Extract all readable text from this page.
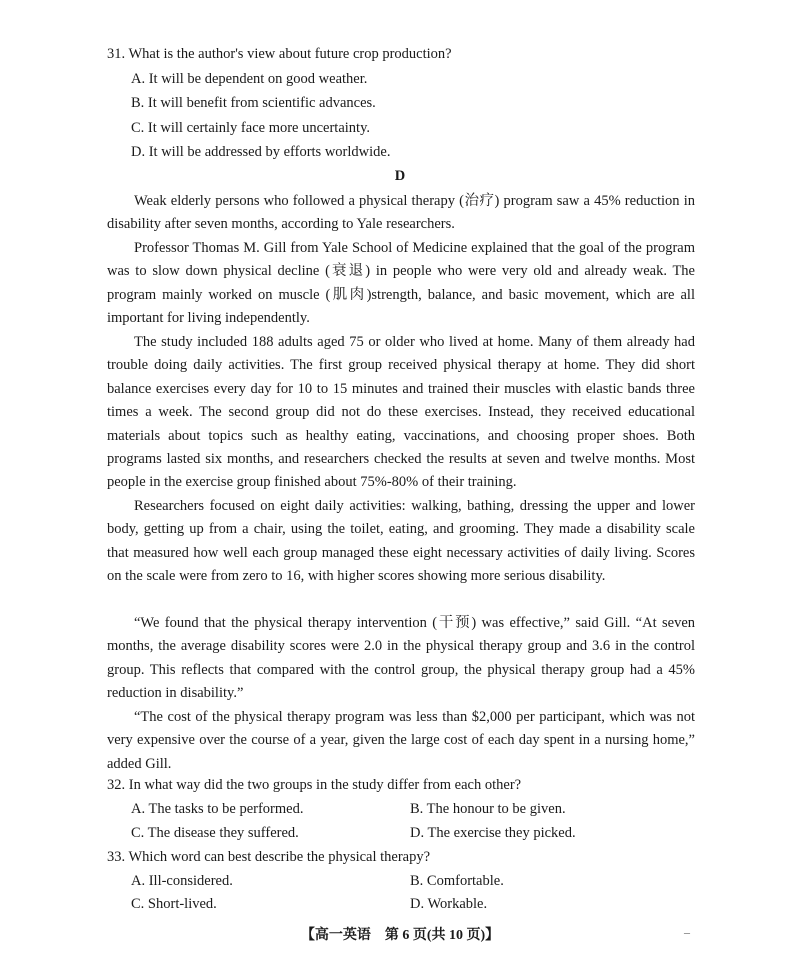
31. What is the author's view about future crop production?
A. It will be dependent on good weather.
B. It will benefit from scientific advances.
C. It will certainly face more uncertainty.
D. It will be addressed by efforts worldwide.
D

Weak elderly persons who followed a physical therapy (治疗) program saw a 45% reduction in disability after seven months, according to Yale researchers.

Professor Thomas M. Gill from Yale School of Medicine explained that the goal of the program was to slow down physical decline (衰退) in people who were very old and already weak. The program mainly worked on muscle (肌肉)strength, balance, and basic movement, which are all important for living independently.

The study included 188 adults aged 75 or older who lived at home. Many of them already had trouble doing daily activities. The first group received physical therapy at home. They did short balance exercises every day for 10 to 15 minutes and trained their muscles with elastic bands three times a week. The second group did not do these exercises. Instead, they received educational materials about topics such as healthy eating, vaccinations, and choosing proper shoes. Both programs lasted six months, and researchers checked the results at seven and twelve months. Most people in the exercise group finished about 75%-80% of their training.

Researchers focused on eight daily activities: walking, bathing, dressing the upper and lower body, getting up from a chair, using the toilet, eating, and grooming. They made a disability scale that measured how well each group managed these eight necessary activities of daily living. Scores on the scale were from zero to 16, with higher scores showing more serious disability.

“We found that the physical therapy intervention (干预) was effective,” said Gill. “At seven months, the average disability scores were 2.0 in the physical therapy group and 3.6 in the control group. This reflects that compared with the control group, the physical therapy group had a 45% reduction in disability.”

“The cost of the physical therapy program was less than $2,000 per participant, which was not very expensive over the course of a year, given the large cost of each day spent in a nursing home,” added Gill.

32. In what way did the two groups in the study differ from each other?
A. The tasks to be performed.	B. The honour to be given.
C. The disease they suffered.	D. The exercise they picked.
33. Which word can best describe the physical therapy?
A. Ill-considered.	B. Comfortable.
C. Short-lived.	D. Workable.
【高一英语　第 6 页(共 10 页)】	–
